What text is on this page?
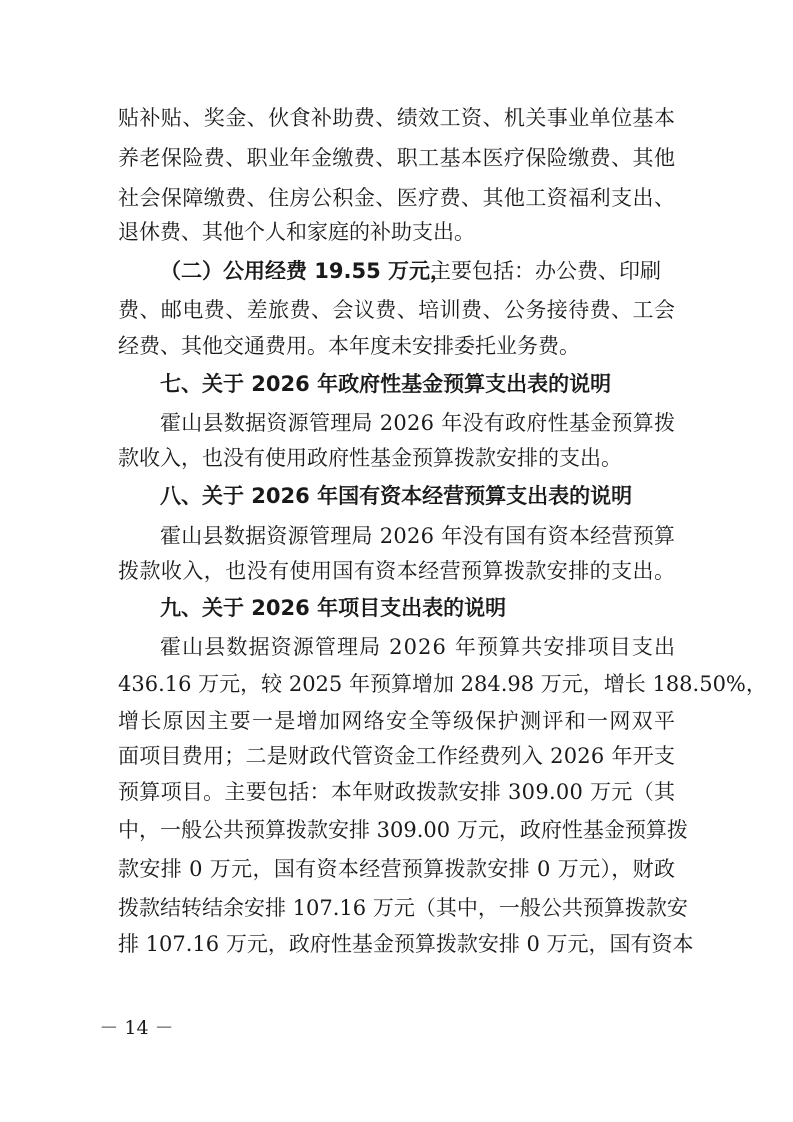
贴补贴、奖金、伙食补助费、绩效工资、机关事业单位基本
养老保险费、职业年金缴费、职工基本医疗保险缴费、其他
社会保障缴费、住房公积金、医疗费、其他工资福利支出、
退休费、其他个人和家庭的补助支出。
（二）公用经费 19.55 万元，
主要包括：办公费、印刷
费、邮电费、差旅费、会议费、培训费、公务接待费、工会
经费、其他交通费用。本年度未安排委托业务费。
七、关于 2026 年政府性基金预算支出表的说明
霍山县数据资源管理局 2026 年没有政府性基金预算拨
款收入，也没有使用政府性基金预算拨款安排的支出。
八、关于 2026 年国有资本经营预算支出表的说明
霍山县数据资源管理局 2026 年没有国有资本经营预算
拨款收入，也没有使用国有资本经营预算拨款安排的支出。
九、关于 2026 年项目支出表的说明
霍山县数据资源管理局 2026 年预算共安排项目支出
436.16 万元，较 2025 年预算增加 284.98 万元，增长 188.50%，
增长原因主要一是增加网络安全等级保护测评和一网双平
面项目费用；二是财政代管资金工作经费列入 2026 年开支
预算项目。主要包括：本年财政拨款安排 309.00 万元（其
中，一般公共预算拨款安排 309.00 万元，政府性基金预算拨
款安排 0 万元，国有资本经营预算拨款安排 0 万元），财政
拨款结转结余安排 107.16 万元（其中，一般公共预算拨款安
排 107.16 万元，政府性基金预算拨款安排 0 万元，国有资本
－ 14 －
